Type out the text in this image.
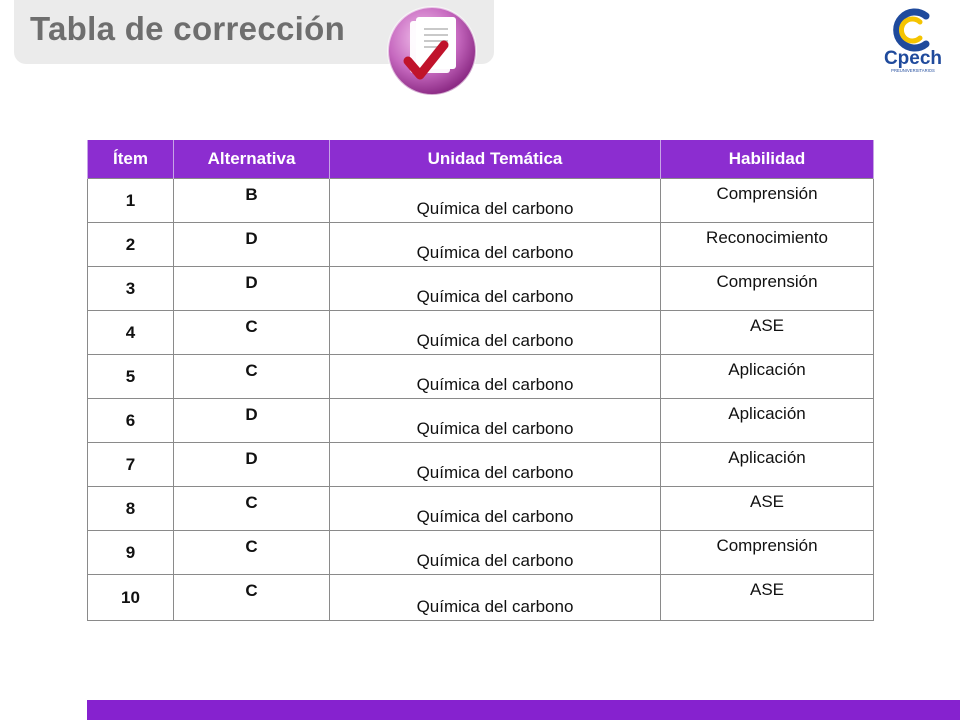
Tabla de corrección
Cpech
PREUNIVERSITARIOS
Ítem	Alternativa	Unidad Temática	Habilidad
1	B	Química del carbono	Comprensión
2	D	Química del carbono	Reconocimiento
3	D	Química del carbono	Comprensión
4	C	Química del carbono	ASE
5	C	Química del carbono	Aplicación
6	D	Química del carbono	Aplicación
7	D	Química del carbono	Aplicación
8	C	Química del carbono	ASE
9	C	Química del carbono	Comprensión
10	C	Química del carbono	ASE
